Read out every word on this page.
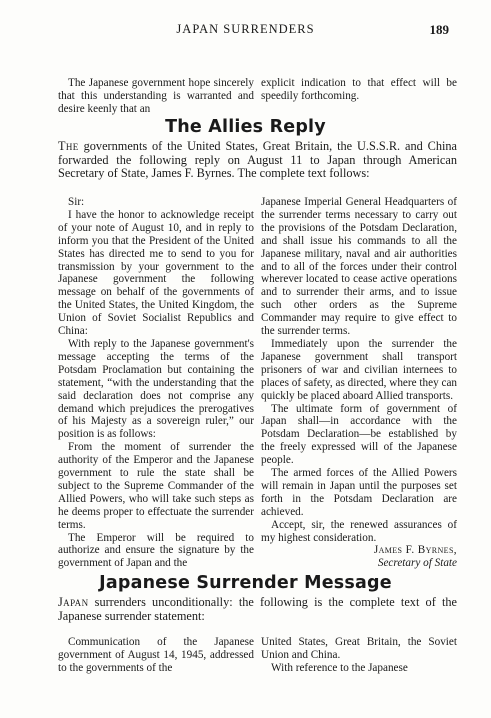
JAPAN SURRENDERS	189

The Japanese government hope sincerely that this understanding is warranted and desire keenly that an

explicit indication to that effect will be speedily forthcoming.

The Allies Reply
The governments of the United States, Great Britain, the U.S.S.R. and China forwarded the following reply on August 11 to Japan through American Secretary of State, James F. Byrnes. The complete text follows:

Sir:

I have the honor to acknowledge receipt of your note of August 10, and in reply to inform you that the President of the United States has directed me to send to you for transmission by your government to the Japanese government the following message on behalf of the governments of the United States, the United Kingdom, the Union of Soviet Socialist Republics and China:

With reply to the Japanese government's message accepting the terms of the Potsdam Proclamation but containing the statement, “with the understanding that the said declaration does not comprise any demand which prejudices the prerogatives of his Majesty as a sovereign ruler,” our position is as follows:

From the moment of surrender the authority of the Emperor and the Japanese government to rule the state shall be subject to the Supreme Commander of the Allied Powers, who will take such steps as he deems proper to effectuate the surrender terms.

The Emperor will be required to authorize and ensure the signature by the government of Japan and the

Japanese Imperial General Headquarters of the surrender terms necessary to carry out the provisions of the Potsdam Declaration, and shall issue his commands to all the Japanese military, naval and air authorities and to all of the forces under their control wherever located to cease active operations and to surrender their arms, and to issue such other orders as the Supreme Commander may require to give effect to the surrender terms.

Immediately upon the surrender the Japanese government shall transport prisoners of war and civilian internees to places of safety, as directed, where they can quickly be placed aboard Allied transports.

The ultimate form of government of Japan shall—in accordance with the Potsdam Declaration—be established by the freely expressed will of the Japanese people.

The armed forces of the Allied Powers will remain in Japan until the purposes set forth in the Potsdam Declaration are achieved.

Accept, sir, the renewed assurances of my highest consideration.

James F. Byrnes,

Secretary of State

Japanese Surrender Message
Japan surrenders unconditionally: the following is the complete text of the Japanese surrender statement:

Communication of the Japanese government of August 14, 1945, addressed to the governments of the

United States, Great Britain, the Soviet Union and China.

With reference to the Japanese
